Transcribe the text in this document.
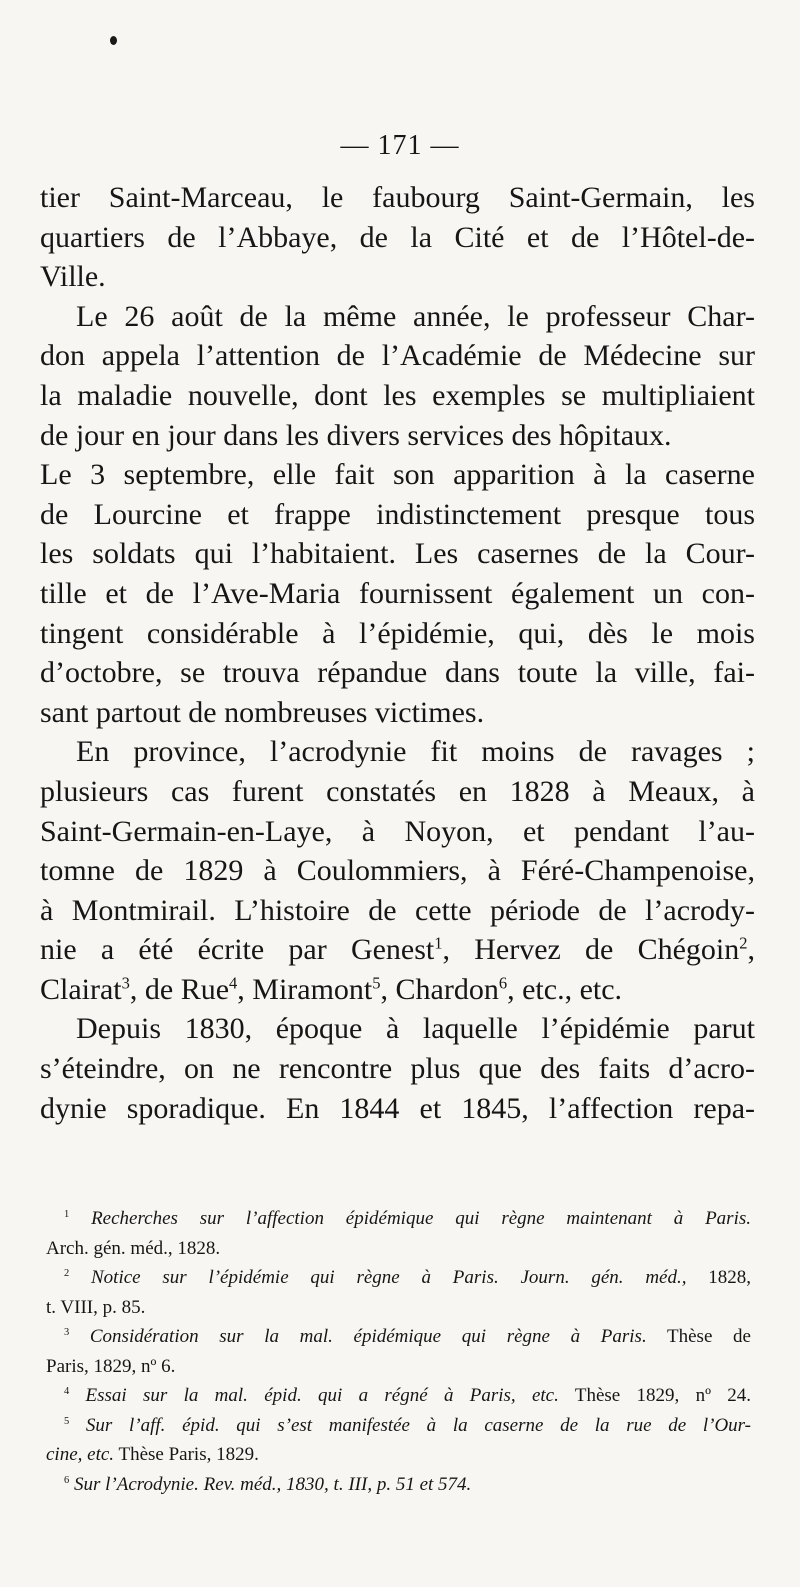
— 171 —
tier Saint-Marceau, le faubourg Saint-Germain, les
quartiers de l’Abbaye, de la Cité et de l’Hôtel-de-
Ville.
Le 26 août de la même année, le professeur Char-
don appela l’attention de l’Académie de Médecine sur
la maladie nouvelle, dont les exemples se multipliaient
de jour en jour dans les divers services des hôpitaux.
Le 3 septembre, elle fait son apparition à la caserne
de Lourcine et frappe indistinctement presque tous
les soldats qui l’habitaient. Les casernes de la Cour-
tille et de l’Ave-Maria fournissent également un con-
tingent considérable à l’épidémie, qui, dès le mois
d’octobre, se trouva répandue dans toute la ville, fai-
sant partout de nombreuses victimes.
En province, l’acrodynie fit moins de ravages ;
plusieurs cas furent constatés en 1828 à Meaux, à
Saint-Germain-en-Laye, à Noyon, et pendant l’au-
tomne de 1829 à Coulommiers, à Féré-Champenoise,
à Montmirail. L’histoire de cette période de l’acrody-
nie a été écrite par Genest$^1$, Hervez de Chégoin$^2$,
Clairat$^3$, de Rue$^4$, Miramont$^5$, Chardon$^6$, etc., etc.
Depuis 1830, époque à laquelle l’épidémie parut
s’éteindre, on ne rencontre plus que des faits d’acro-
dynie sporadique. En 1844 et 1845, l’affection repa-
$^1$ Recherches sur l’affection épidémique qui règne maintenant à Paris.
Arch. gén. méd., 1828.
$^2$ Notice sur l’épidémie qui règne à Paris. Journ. gén. méd., 1828,
t. VIII, p. 85.
$^3$ Considération sur la mal. épidémique qui règne à Paris. Thèse de
Paris, 1829, nº 6.
$^4$ Essai sur la mal. épid. qui a régné à Paris, etc. Thèse 1829, nº 24.
$^5$ Sur l’aff. épid. qui s’est manifestée à la caserne de la rue de l’Our-
cine, etc. Thèse Paris, 1829.
$^6$ Sur l’Acrodynie. Rev. méd., 1830, t. III, p. 51 et 574.
